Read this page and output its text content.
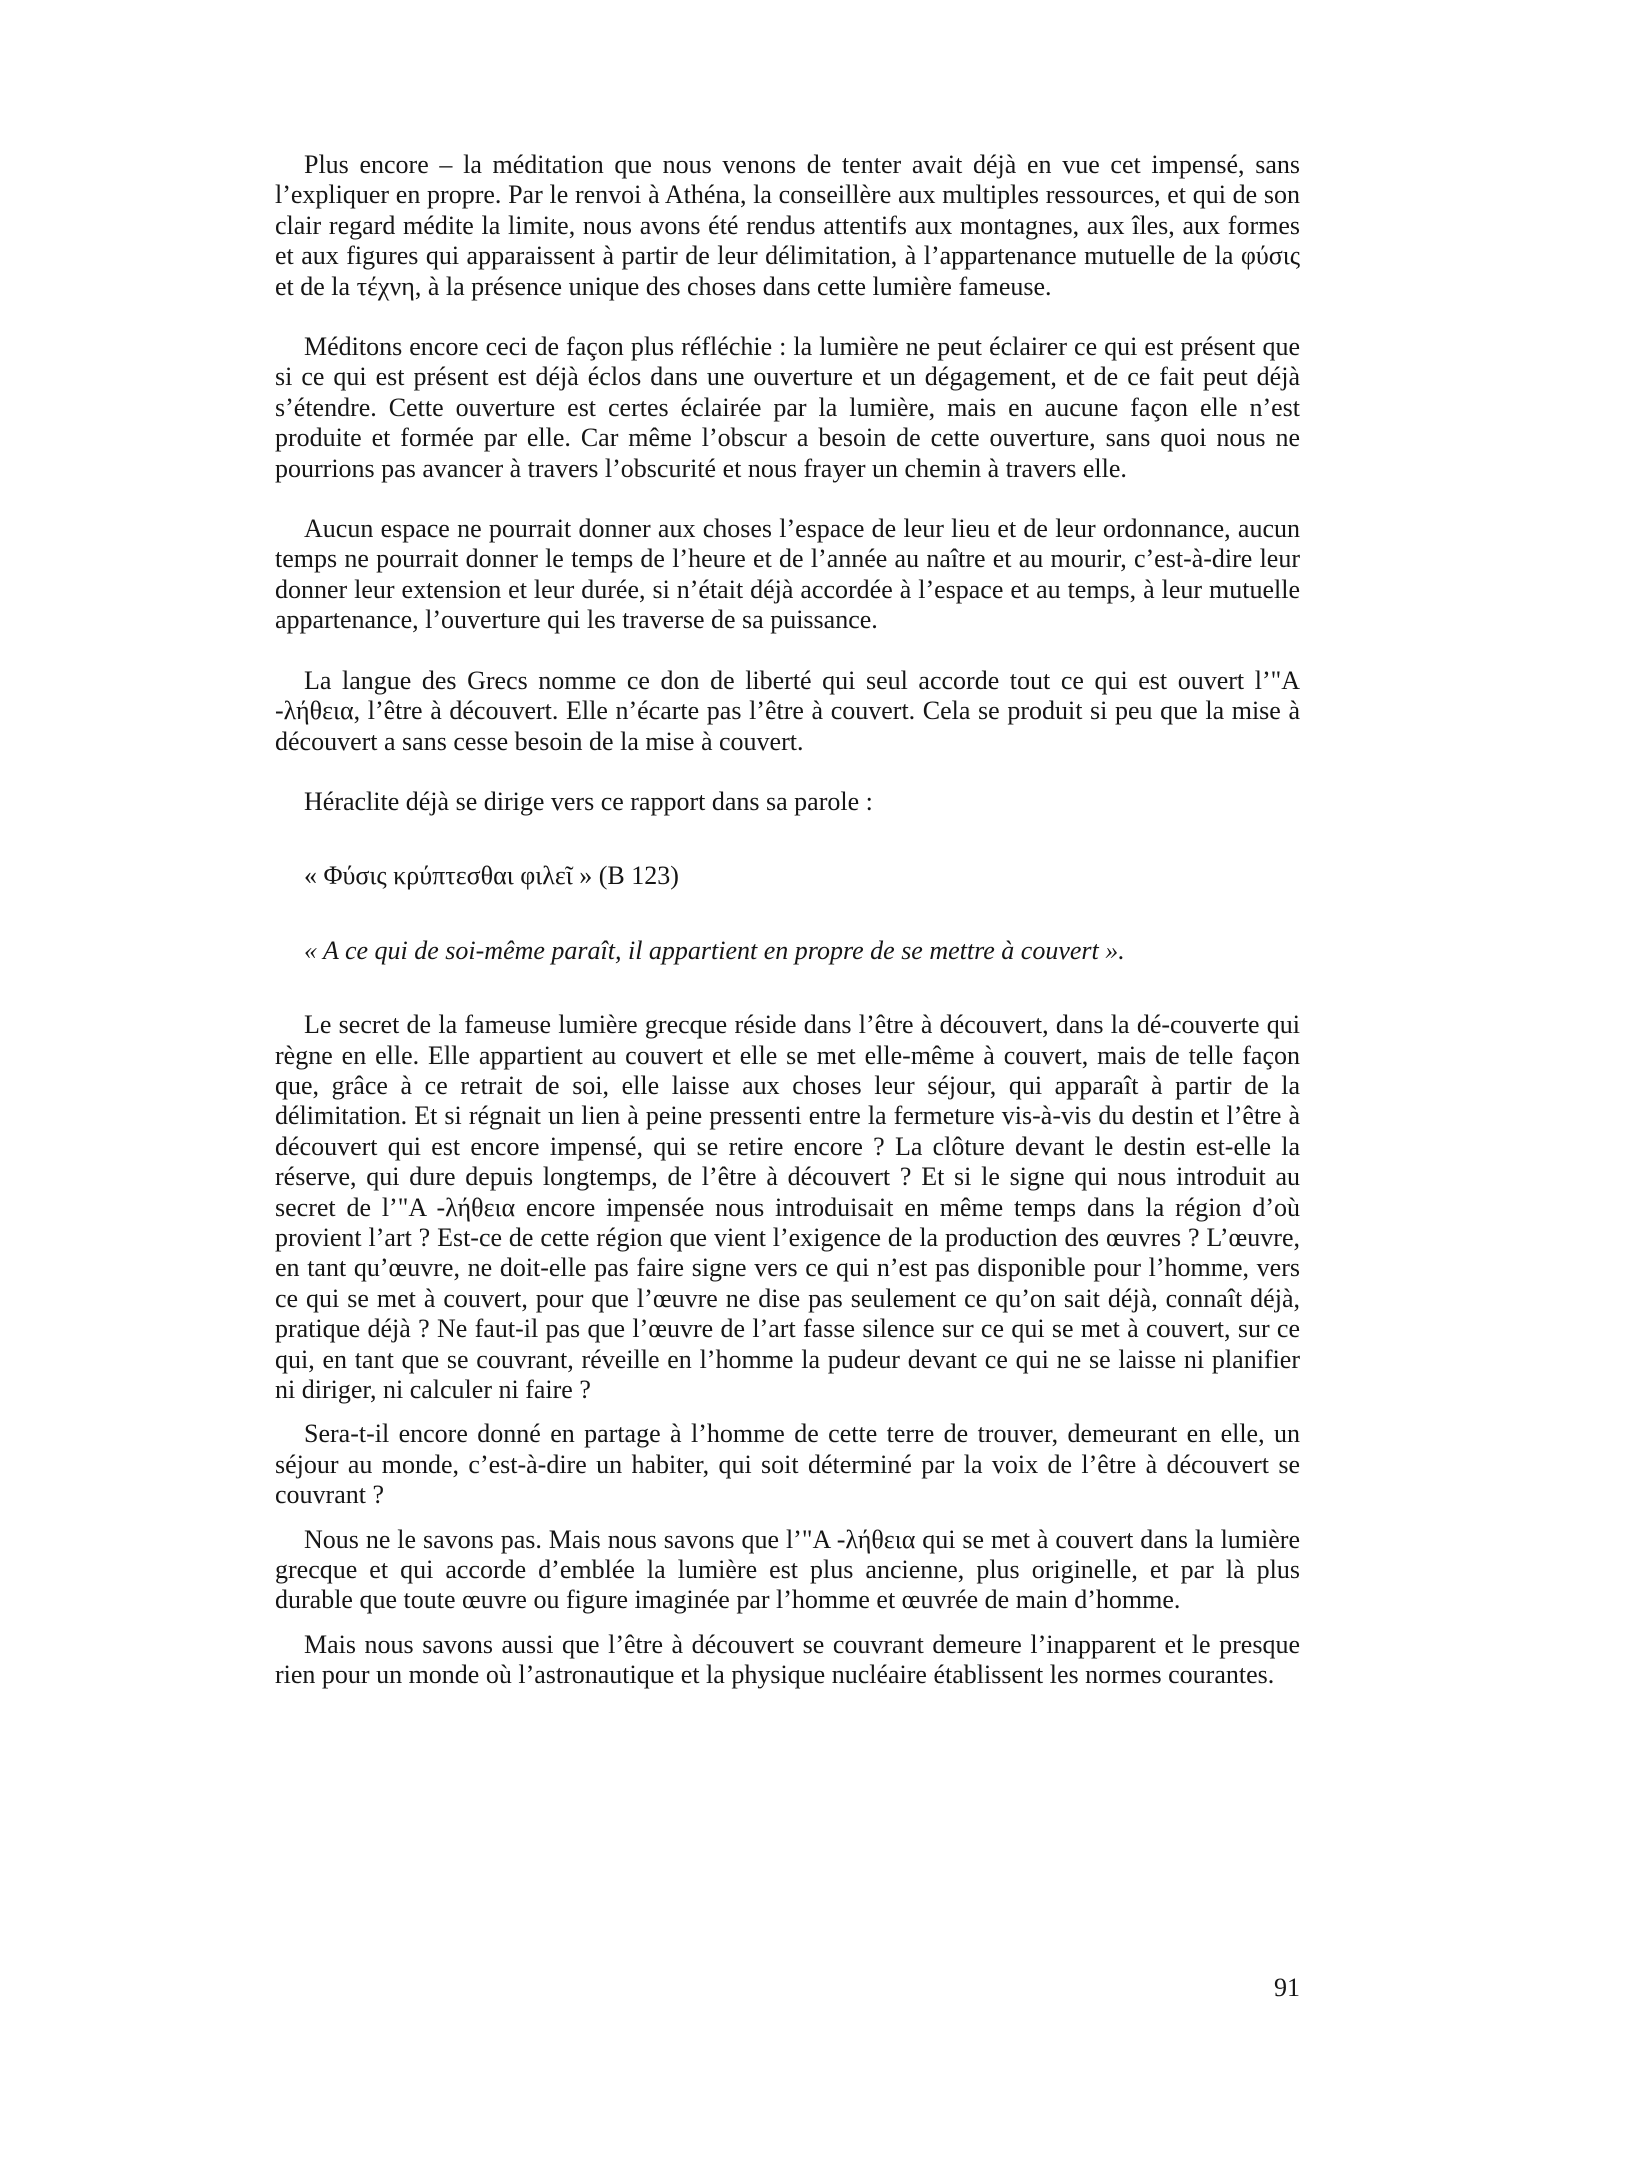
Plus encore – la méditation que nous venons de tenter avait déjà en vue cet impensé, sans l’expliquer en propre. Par le renvoi à Athéna, la conseillère aux multiples ressources, et qui de son clair regard médite la limite, nous avons été rendus attentifs aux montagnes, aux îles, aux formes et aux figures qui apparaissent à partir de leur délimitation, à l’appartenance mutuelle de la φύσις et de la τέχνη, à la présence unique des choses dans cette lumière fameuse.

Méditons encore ceci de façon plus réfléchie : la lumière ne peut éclairer ce qui est présent que si ce qui est présent est déjà éclos dans une ouverture et un dégagement, et de ce fait peut déjà s’étendre. Cette ouverture est certes éclairée par la lumière, mais en aucune façon elle n’est produite et formée par elle. Car même l’obscur a besoin de cette ouverture, sans quoi nous ne pourrions pas avancer à travers l’obscurité et nous frayer un chemin à travers elle.

Aucun espace ne pourrait donner aux choses l’espace de leur lieu et de leur ordonnance, aucun temps ne pourrait donner le temps de l’heure et de l’année au naître et au mourir, c’est-à-dire leur donner leur extension et leur durée, si n’était déjà accordée à l’espace et au temps, à leur mutuelle appartenance, l’ouverture qui les traverse de sa puissance.

La langue des Grecs nomme ce don de liberté qui seul accorde tout ce qui est ouvert l’"Α -λήθεια, l’être à découvert. Elle n’écarte pas l’être à couvert. Cela se produit si peu que la mise à découvert a sans cesse besoin de la mise à couvert.

Héraclite déjà se dirige vers ce rapport dans sa parole :

« Φύσις κρύπτεσθαι φιλεῖ » (B 123)

« A ce qui de soi-même paraît, il appartient en propre de se mettre à couvert ».

Le secret de la fameuse lumière grecque réside dans l’être à découvert, dans la dé-couverte qui règne en elle. Elle appartient au couvert et elle se met elle-même à couvert, mais de telle façon que, grâce à ce retrait de soi, elle laisse aux choses leur séjour, qui apparaît à partir de la délimitation. Et si régnait un lien à peine pressenti entre la fermeture vis-à-vis du destin et l’être à découvert qui est encore impensé, qui se retire encore ? La clôture devant le destin est-elle la réserve, qui dure depuis longtemps, de l’être à découvert ? Et si le signe qui nous introduit au secret de l’"Α -λήθεια encore impensée nous introduisait en même temps dans la région d’où provient l’art ? Est-ce de cette région que vient l’exigence de la production des œuvres ? L’œuvre, en tant qu’œuvre, ne doit-elle pas faire signe vers ce qui n’est pas disponible pour l’homme, vers ce qui se met à couvert, pour que l’œuvre ne dise pas seulement ce qu’on sait déjà, connaît déjà, pratique déjà ? Ne faut-il pas que l’œuvre de l’art fasse silence sur ce qui se met à couvert, sur ce qui, en tant que se couvrant, réveille en l’homme la pudeur devant ce qui ne se laisse ni planifier ni diriger, ni calculer ni faire ?

Sera-t-il encore donné en partage à l’homme de cette terre de trouver, demeurant en elle, un séjour au monde, c’est-à-dire un habiter, qui soit déterminé par la voix de l’être à découvert se couvrant ?

Nous ne le savons pas. Mais nous savons que l’"Α -λήθεια qui se met à couvert dans la lumière grecque et qui accorde d’emblée la lumière est plus ancienne, plus originelle, et par là plus durable que toute œuvre ou figure imaginée par l’homme et œuvrée de main d’homme.

Mais nous savons aussi que l’être à découvert se couvrant demeure l’inapparent et le presque rien pour un monde où l’astronautique et la physique nucléaire établissent les normes courantes.

91
